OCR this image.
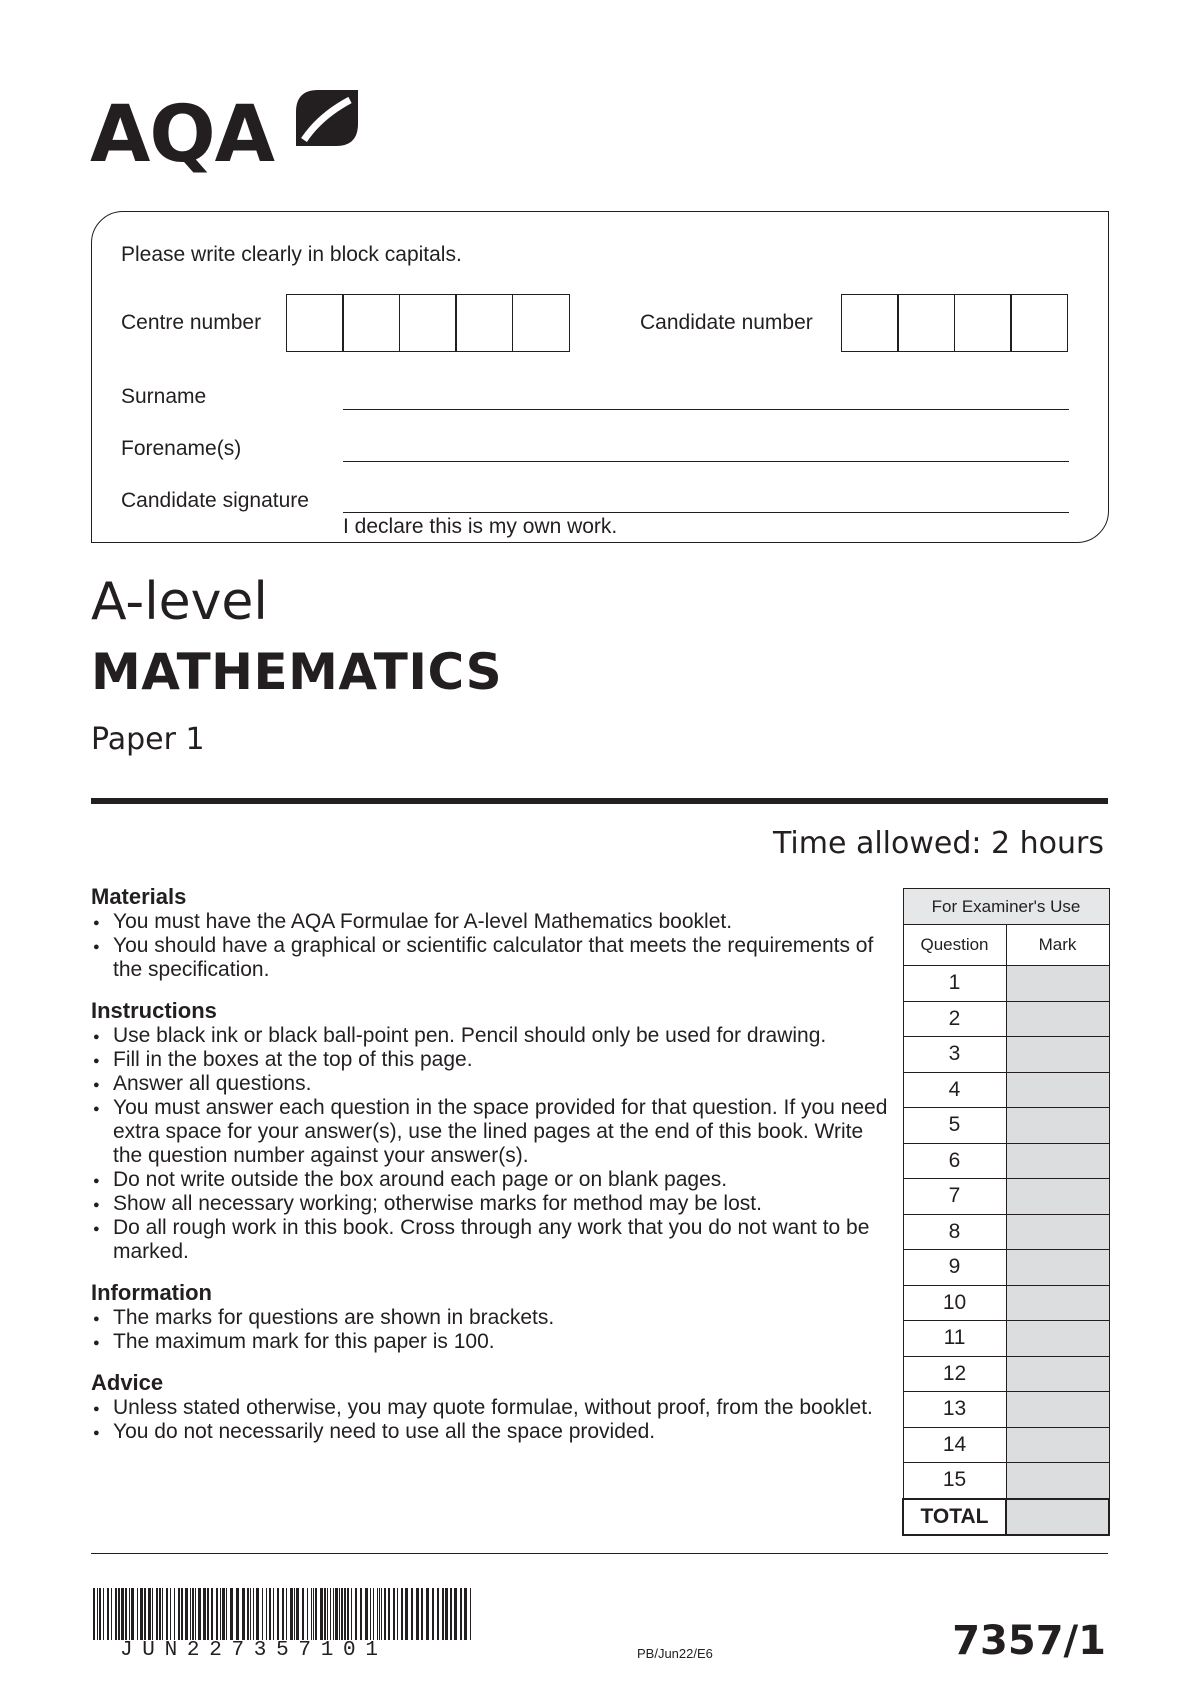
AQA
Please write clearly in block capitals.
Centre number	Candidate number
Surname
Forename(s)
Candidate signature
I declare this is my own work.
A-level
MATHEMATICS
Paper 1
Time allowed: 2 hours
Materials
● You must have the AQA Formulae for A-level Mathematics booklet.
● You should have a graphical or scientific calculator that meets the requirements of the specification.
Instructions
● Use black ink or black ball-point pen. Pencil should only be used for drawing.
● Fill in the boxes at the top of this page.
● Answer all questions.
● You must answer each question in the space provided for that question. If you need extra space for your answer(s), use the lined pages at the end of this book. Write the question number against your answer(s).
● Do not write outside the box around each page or on blank pages.
● Show all necessary working; otherwise marks for method may be lost.
● Do all rough work in this book. Cross through any work that you do not want to be marked.
Information
● The marks for questions are shown in brackets.
● The maximum mark for this paper is 100.
Advice
● Unless stated otherwise, you may quote formulae, without proof, from the booklet.
● You do not necessarily need to use all the space provided.
For Examiner's Use	
Question	Mark
1	
2	
3	
4	
5	
6	
7	
8	
9	
10	
11	
12	
13	
14	
15	
TOTAL	
JUN227357101	PB/Jun22/E6	7357/1
